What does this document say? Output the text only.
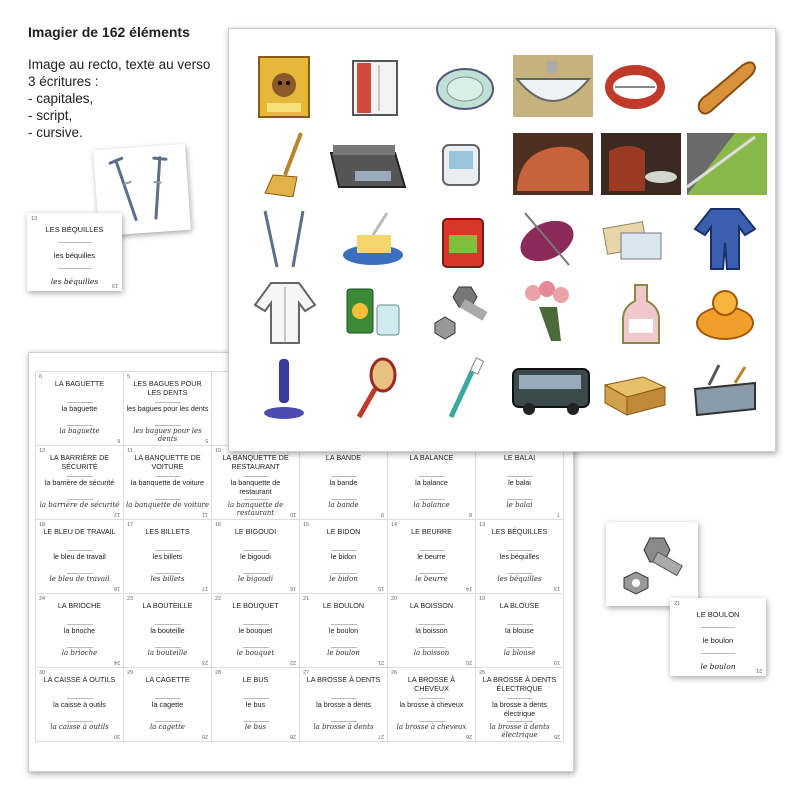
Imagier de 162 éléments
Image au recto, texte au verso
3 écritures :
- capitales,
- script,
- cursive.
13
LES BÉQUILLES
les béquilles
les béquilles	13
6
LA BAGUETTE
la baguette
la baguette
6
5
LES BAGUES POUR LES DENTS
les bagues pour les dents
les bagues pour les dents	5
12
LA BARRIÈRE DE SÉCURITÉ
la barrière de sécurité
la barrière de sécurité
12
11
LA BANQUETTE DE VOITURE
la banquette de voiture
la banquette de voiture
11
10
LA BANQUETTE DE RESTAURANT
la banquette de restaurant
la banquette de restaurant	10
LA BANDE
la bande
la bande
9
LA BALANCE
la balance
la balance
8
LE BALAI
le balai
le balai
7
18
LE BLEU DE TRAVAIL
le bleu de travail
le bleu de travail
18
17
LES BILLETS
les billets
les billets
17
16
LE BIGOUDI
le bigoudi
le bigoudi
16
15
LE BIDON
le bidon
le bidon
15
14
LE BEURRE
le beurre
le beurre
14
13
LES BÉQUILLES
les béquilles
les béquilles
13
24
LA BRIOCHE
la brioche
la brioche
24
23
LA BOUTEILLE
la bouteille
la bouteille
23
22
LE BOUQUET
le bouquet
le bouquet
22
21
LE BOULON
le boulon
le boulon
21
20
LA BOISSON
la boisson
la boisson
20
19
LA BLOUSE
la blouse
la blouse
19
30
LA CAISSE À OUTILS
la caisse à outils
la caisse à outils
30
29
LA CAGETTE
la cagette
la cagette
29
28
LE BUS
le bus
le bus
28
27
LA BROSSE À DENTS
la brosse à dents
la brosse à dents
27
26
LA BROSSE À CHEVEUX
la brosse à cheveux
la brosse à cheveux
26
25
LA BROSSE À DENTS ÉLECTRIQUE
la brosse à dents électrique
la brosse à dents électrique	25
21
LE BOULON
le boulon
le boulon	21
